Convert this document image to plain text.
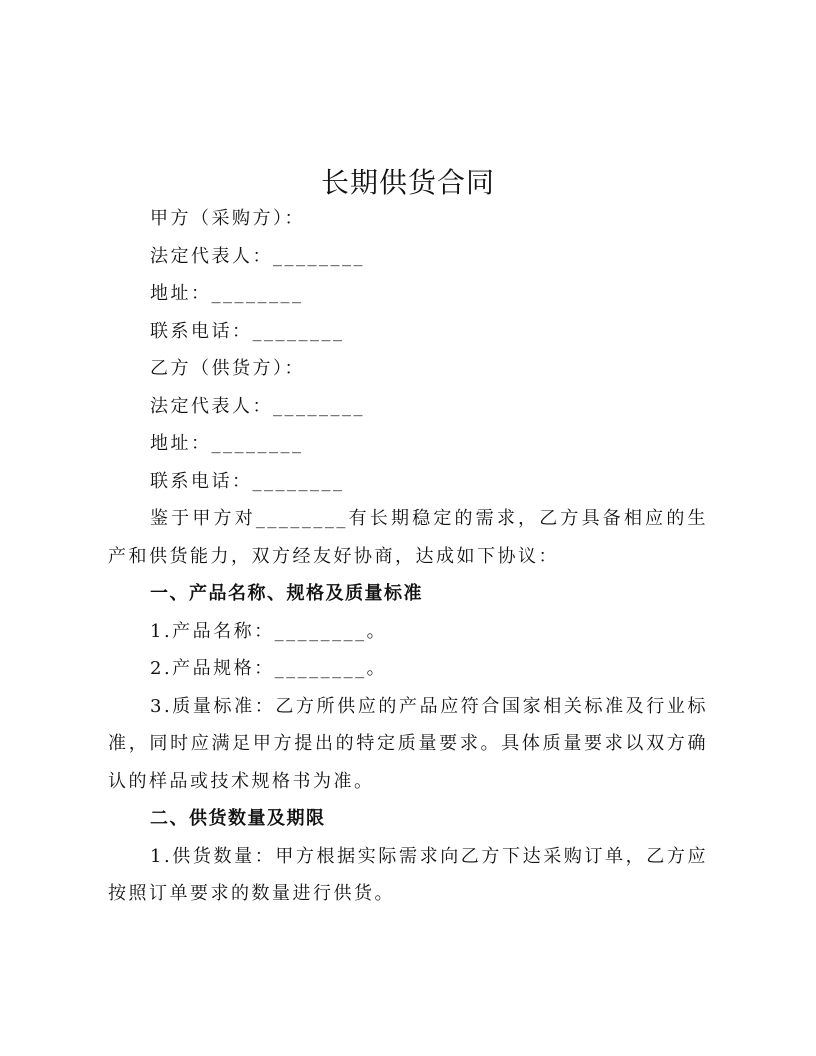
长期供货合同

甲方（采购方）：

法定代表人：________

地址：________

联系电话：________

乙方（供货方）：

法定代表人：________

地址：________

联系电话：________

鉴于甲方对________有长期稳定的需求，乙方具备相应的生产和供货能力，双方经友好协商，达成如下协议：

一、产品名称、规格及质量标准

1.产品名称：________。

2.产品规格：________。

3.质量标准：乙方所供应的产品应符合国家相关标准及行业标准，同时应满足甲方提出的特定质量要求。具体质量要求以双方确认的样品或技术规格书为准。

二、供货数量及期限

1.供货数量：甲方根据实际需求向乙方下达采购订单，乙方应按照订单要求的数量进行供货。
